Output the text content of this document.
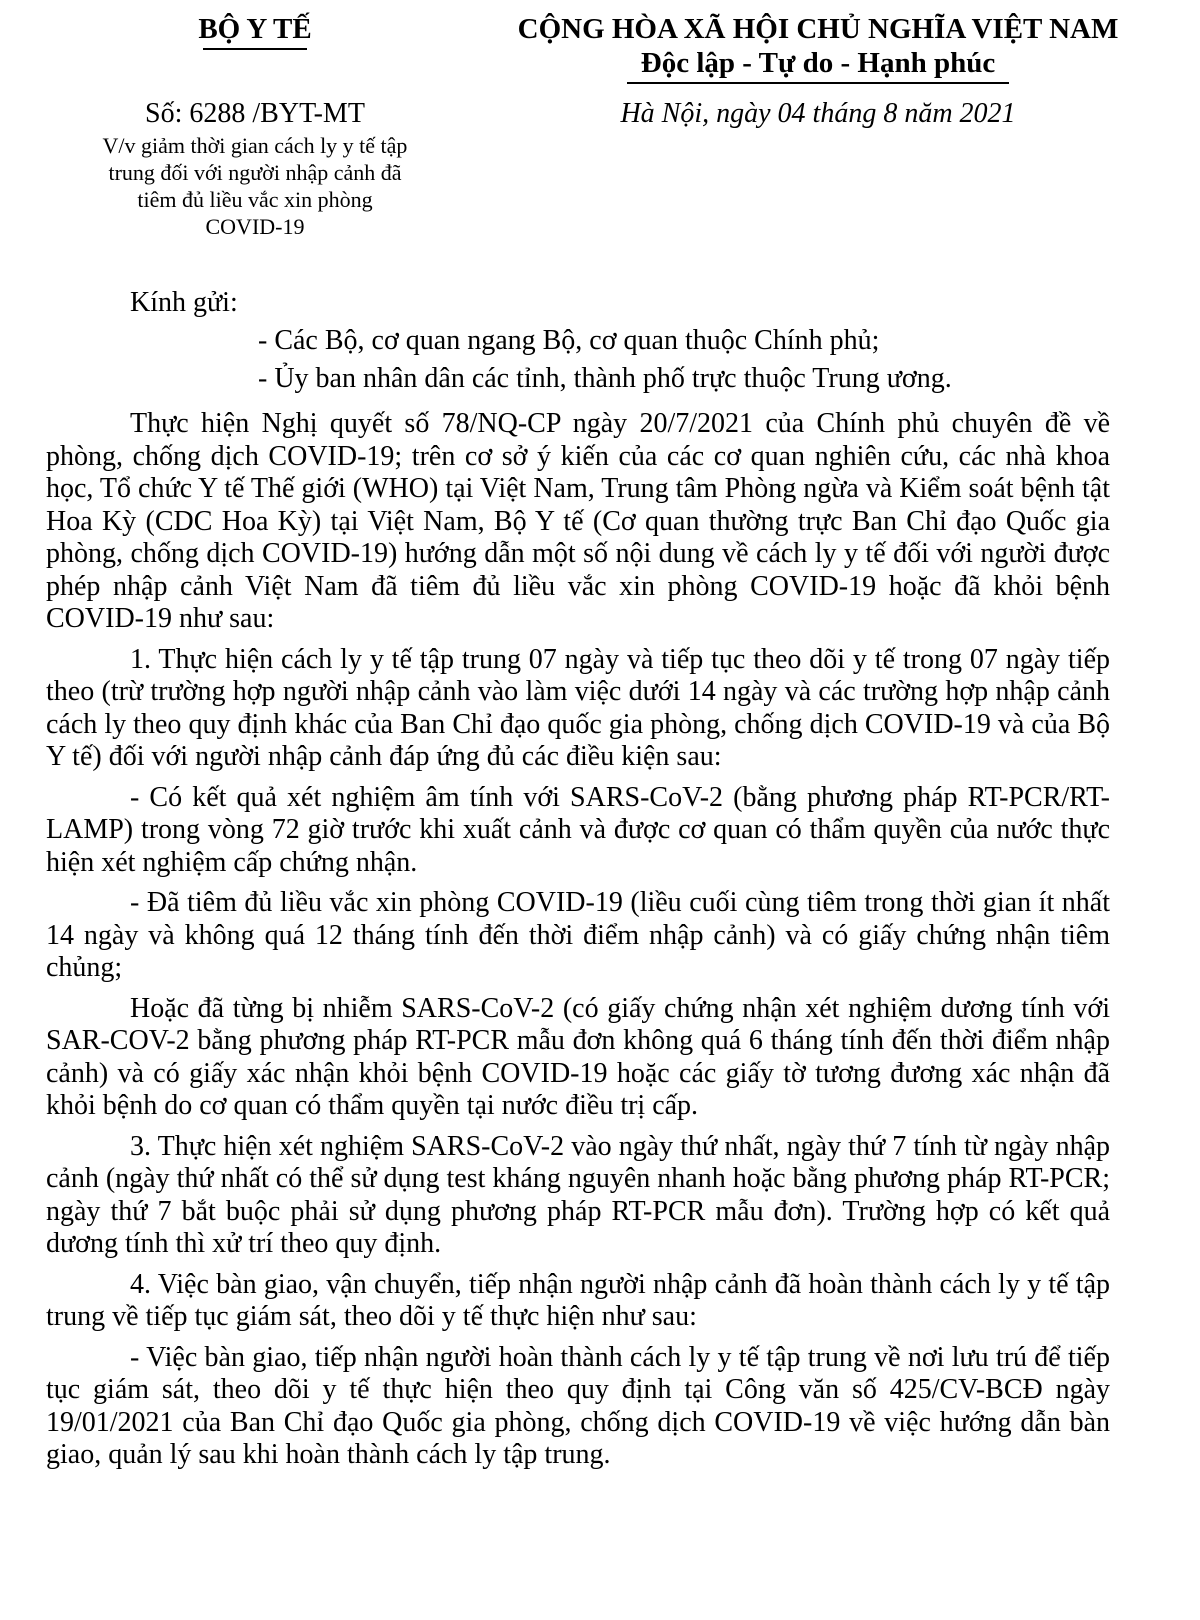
BỘ Y TẾ	CỘNG HÒA XÃ HỘI CHỦ NGHĨA VIỆT NAM
Độc lập - Tự do - Hạnh phúc
Số: 6288 /BYT-MT
V/v giảm thời gian cách ly y tế tập
trung đối với người nhập cảnh đã
tiêm đủ liều vắc xin phòng
COVID-19
Hà Nội, ngày 04 tháng 8 năm 2021
Kính gửi:
- Các Bộ, cơ quan ngang Bộ, cơ quan thuộc Chính phủ;
- Ủy ban nhân dân các tỉnh, thành phố trực thuộc Trung ương.

Thực hiện Nghị quyết số 78/NQ-CP ngày 20/7/2021 của Chính phủ chuyên đề về phòng, chống dịch COVID-19; trên cơ sở ý kiến của các cơ quan nghiên cứu, các nhà khoa học, Tổ chức Y tế Thế giới (WHO) tại Việt Nam, Trung tâm Phòng ngừa và Kiểm soát bệnh tật Hoa Kỳ (CDC Hoa Kỳ) tại Việt Nam, Bộ Y tế (Cơ quan thường trực Ban Chỉ đạo Quốc gia phòng, chống dịch COVID-19) hướng dẫn một số nội dung về cách ly y tế đối với người được phép nhập cảnh Việt Nam đã tiêm đủ liều vắc xin phòng COVID-19 hoặc đã khỏi bệnh COVID-19 như sau:

1. Thực hiện cách ly y tế tập trung 07 ngày và tiếp tục theo dõi y tế trong 07 ngày tiếp theo (trừ trường hợp người nhập cảnh vào làm việc dưới 14 ngày và các trường hợp nhập cảnh cách ly theo quy định khác của Ban Chỉ đạo quốc gia phòng, chống dịch COVID-19 và của Bộ Y tế) đối với người nhập cảnh đáp ứng đủ các điều kiện sau:

- Có kết quả xét nghiệm âm tính với SARS-CoV-2 (bằng phương pháp RT-PCR/RT-LAMP) trong vòng 72 giờ trước khi xuất cảnh và được cơ quan có thẩm quyền của nước thực hiện xét nghiệm cấp chứng nhận.

- Đã tiêm đủ liều vắc xin phòng COVID-19 (liều cuối cùng tiêm trong thời gian ít nhất 14 ngày và không quá 12 tháng tính đến thời điểm nhập cảnh) và có giấy chứng nhận tiêm chủng;

Hoặc đã từng bị nhiễm SARS-CoV-2 (có giấy chứng nhận xét nghiệm dương tính với SAR-COV-2 bằng phương pháp RT-PCR mẫu đơn không quá 6 tháng tính đến thời điểm nhập cảnh) và có giấy xác nhận khỏi bệnh COVID-19 hoặc các giấy tờ tương đương xác nhận đã khỏi bệnh do cơ quan có thẩm quyền tại nước điều trị cấp.

3. Thực hiện xét nghiệm SARS-CoV-2 vào ngày thứ nhất, ngày thứ 7 tính từ ngày nhập cảnh (ngày thứ nhất có thể sử dụng test kháng nguyên nhanh hoặc bằng phương pháp RT-PCR; ngày thứ 7 bắt buộc phải sử dụng phương pháp RT-PCR mẫu đơn). Trường hợp có kết quả dương tính thì xử trí theo quy định.

4. Việc bàn giao, vận chuyển, tiếp nhận người nhập cảnh đã hoàn thành cách ly y tế tập trung về tiếp tục giám sát, theo dõi y tế thực hiện như sau:

- Việc bàn giao, tiếp nhận người hoàn thành cách ly y tế tập trung về nơi lưu trú để tiếp tục giám sát, theo dõi y tế thực hiện theo quy định tại Công văn số 425/CV-BCĐ ngày 19/01/2021 của Ban Chỉ đạo Quốc gia phòng, chống dịch COVID-19 về việc hướng dẫn bàn giao, quản lý sau khi hoàn thành cách ly tập trung.
